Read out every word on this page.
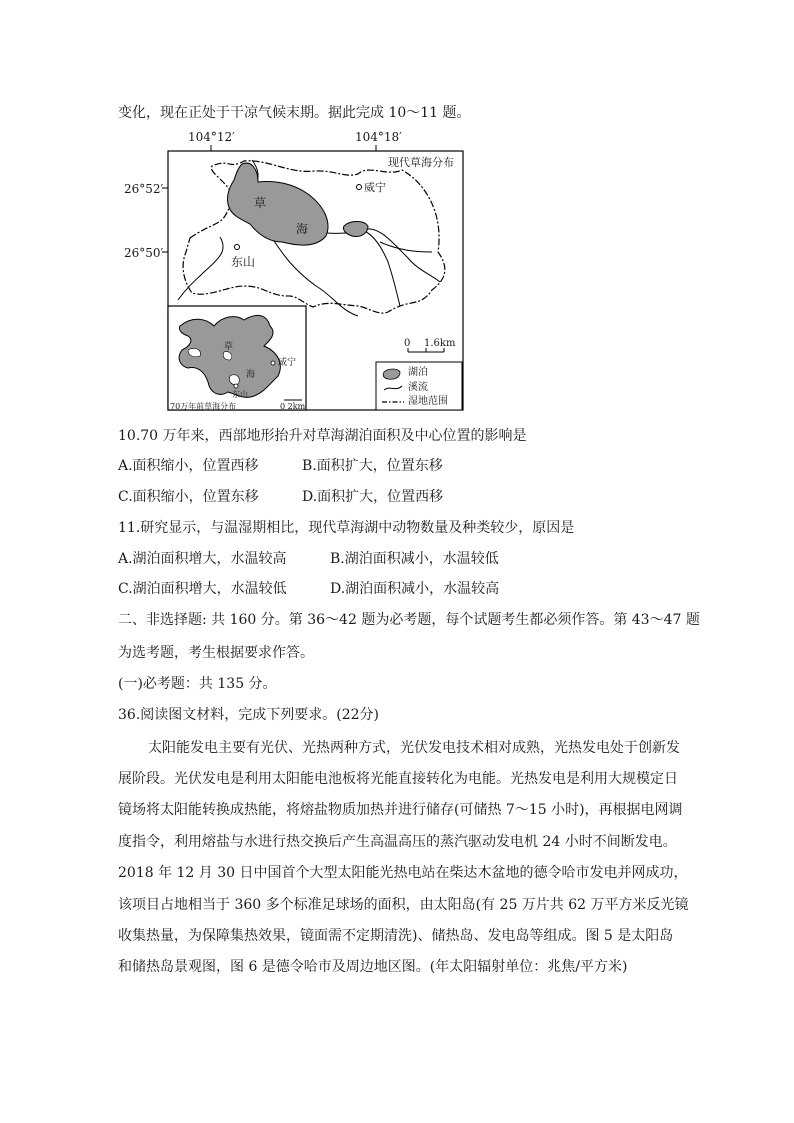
变化，现在正处于干凉气候末期。据此完成 10～11 题。
104°12′	104°18′
26°52′
26°50′
现代草海分布
威宁
草
海
东山
0 1.6km
湖泊
溪流
湿地范围
草
海
威宁
东山
70万年前草海分布	0 2km
10.70 万年来，西部地形抬升对草海湖泊面积及中心位置的影响是
A.面积缩小，位置西移	B.面积扩大，位置东移
C.面积缩小，位置东移	D.面积扩大，位置西移
11.研究显示，与温湿期相比，现代草海湖中动物数量及种类较少，原因是
A.湖泊面积增大，水温较高	B.湖泊面积减小，水温较低
C.湖泊面积增大，水温较低	D.湖泊面积减小，水温较高
二、非选择题: 共 160 分。第 36～42 题为必考题，每个试题考生都必须作答。第 43～47 题
为选考题，考生根据要求作答。
(一)必考题：共 135 分。
36.阅读图文材料，完成下列要求。(22分)
太阳能发电主要有光伏、光热两种方式，光伏发电技术相对成熟，光热发电处于创新发
展阶段。光伏发电是利用太阳能电池板将光能直接转化为电能。光热发电是利用大规模定日
镜场将太阳能转换成热能，将熔盐物质加热并进行储存(可储热 7～15 小时)，再根据电网调
度指令，利用熔盐与水进行热交换后产生高温高压的蒸汽驱动发电机 24 小时不间断发电。
2018 年 12 月 30 日中国首个大型太阳能光热电站在柴达木盆地的德令哈市发电并网成功，
该项目占地相当于 360 多个标准足球场的面积，由太阳岛(有 25 万片共 62 万平方米反光镜
收集热量，为保障集热效果，镜面需不定期清洗)、储热岛、发电岛等组成。图 5 是太阳岛
和储热岛景观图，图 6 是德令哈市及周边地区图。(年太阳辐射单位：兆焦/平方米)
